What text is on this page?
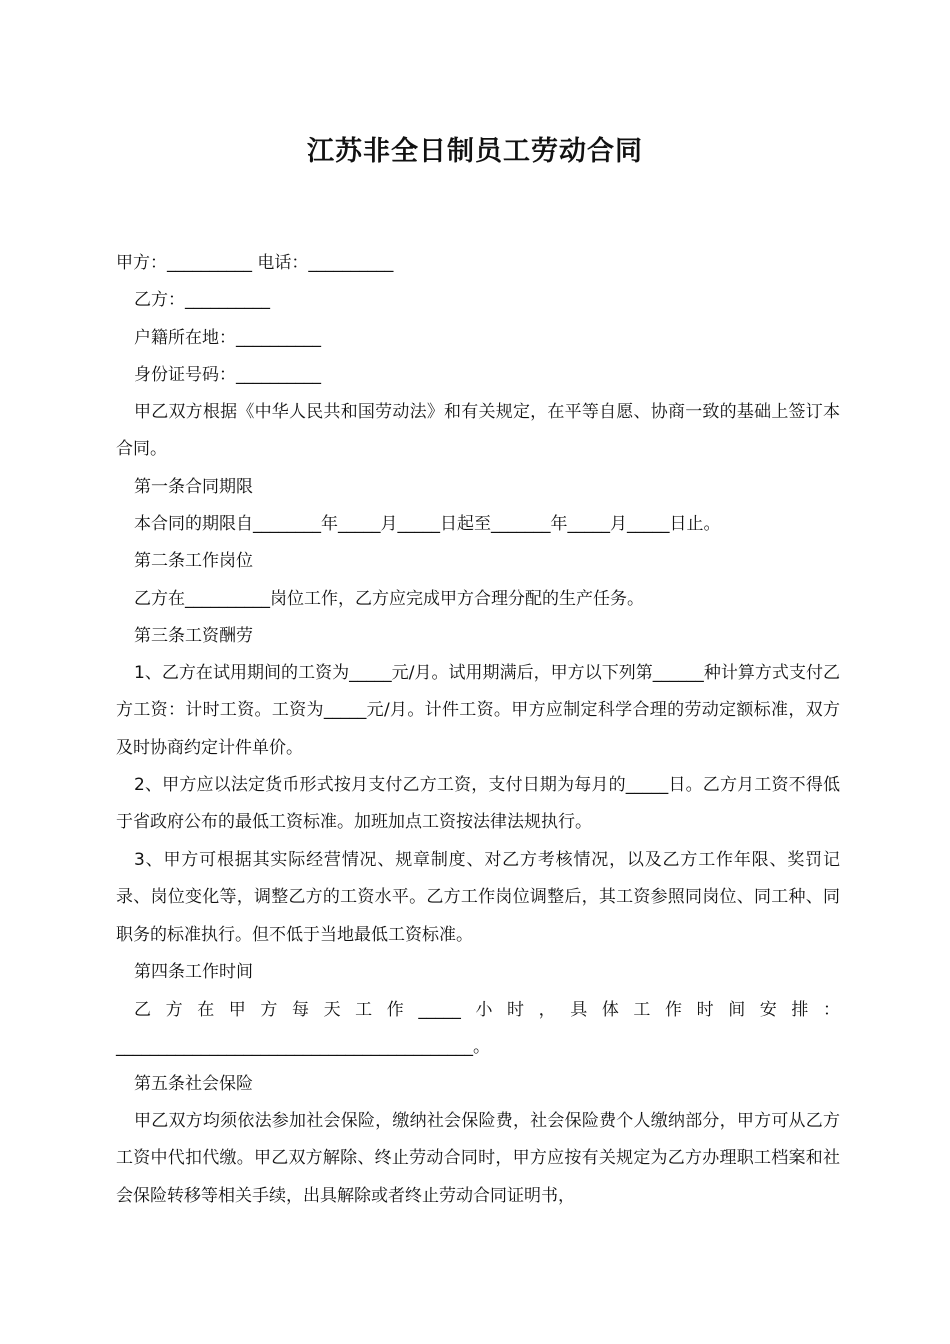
江苏非全日制员工劳动合同
甲方：__________ 电话：__________
乙方：__________
户籍所在地：__________
身份证号码：__________
甲乙双方根据《中华人民共和国劳动法》和有关规定，在平等自愿、协商一致的基础上签订本合同。
第一条合同期限
本合同的期限自________年_____月_____日起至_______年_____月_____日止。
第二条工作岗位
乙方在__________岗位工作，乙方应完成甲方合理分配的生产任务。
第三条工资酬劳
1、乙方在试用期间的工资为_____元/月。试用期满后，甲方以下列第______种计算方式支付乙方工资：计时工资。工资为_____元/月。计件工资。甲方应制定科学合理的劳动定额标准，双方及时协商约定计件单价。
2、甲方应以法定货币形式按月支付乙方工资，支付日期为每月的_____日。乙方月工资不得低于省政府公布的最低工资标准。加班加点工资按法律法规执行。
3、甲方可根据其实际经营情况、规章制度、对乙方考核情况，以及乙方工作年限、奖罚记录、岗位变化等，调整乙方的工资水平。乙方工作岗位调整后，其工资参照同岗位、同工种、同职务的标准执行。但不低于当地最低工资标准。
第四条工作时间
乙方在甲方每天工作_____小时，具体工作时间安排：__________________________________________。
第五条社会保险
甲乙双方均须依法参加社会保险，缴纳社会保险费，社会保险费个人缴纳部分，甲方可从乙方工资中代扣代缴。甲乙双方解除、终止劳动合同时，甲方应按有关规定为乙方办理职工档案和社会保险转移等相关手续，出具解除或者终止劳动合同证明书，
